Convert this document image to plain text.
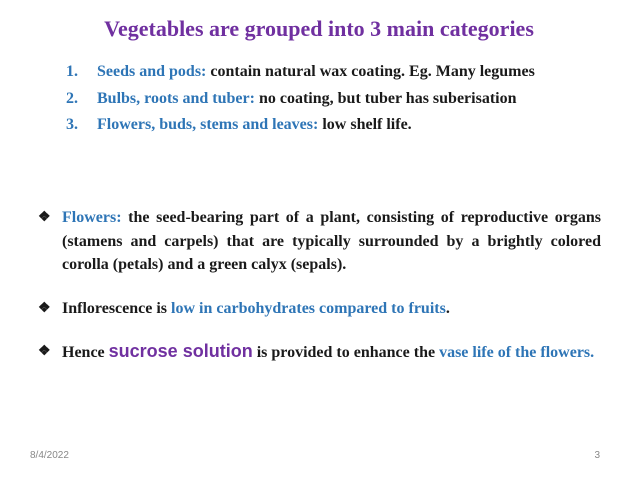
Vegetables are grouped into 3 main categories
1. Seeds and pods: contain natural wax coating. Eg. Many legumes
2. Bulbs, roots and tuber: no coating, but tuber has suberisation
3. Flowers, buds, stems and leaves: low shelf life.
❖ Flowers: the seed-bearing part of a plant, consisting of reproductive organs (stamens and carpels) that are typically surrounded by a brightly colored corolla (petals) and a green calyx (sepals).
❖ Inflorescence is low in carbohydrates compared to fruits.
❖ Hence sucrose solution is provided to enhance the vase life of the flowers.
8/4/2022	3
